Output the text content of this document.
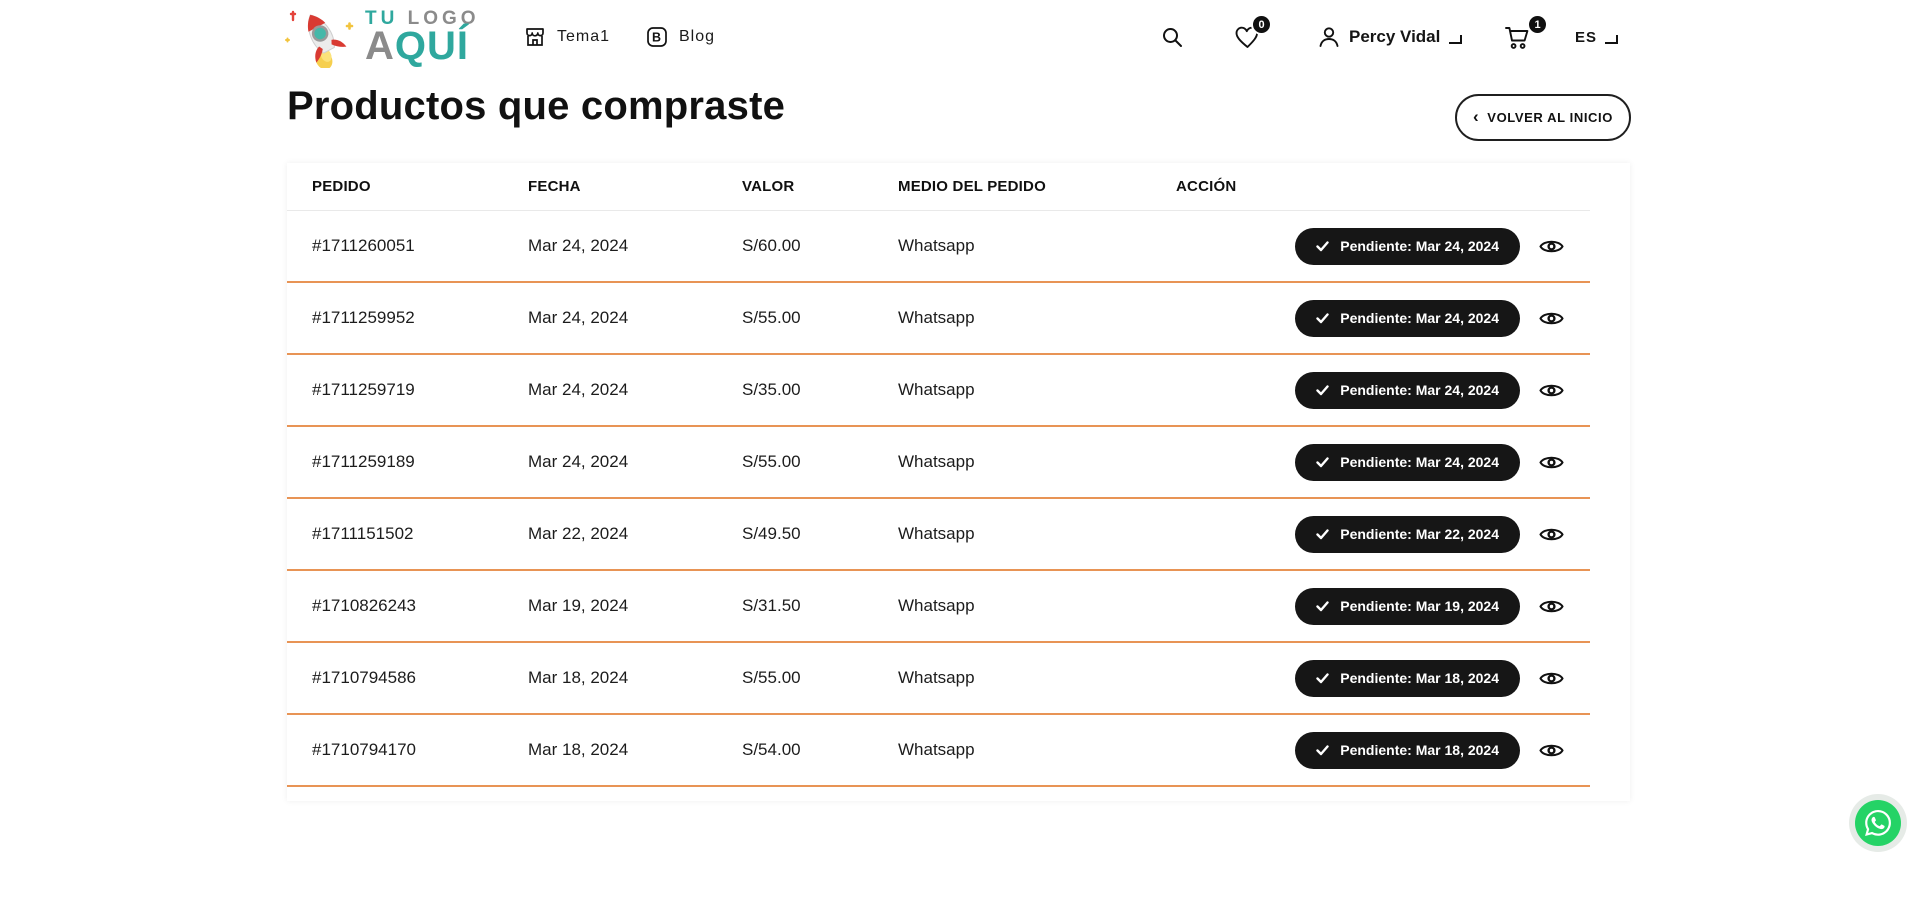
TU LOGO
AQUÍ	Tema1	B Blog
0
Percy Vidal
1
ES
Productos que compraste	‹ VOLVER AL INICIO
PEDIDO	FECHA	VALOR	MEDIO DEL PEDIDO	ACCIÓN
#1711260051	Mar 24, 2024	S/60.00	Whatsapp	Pendiente: Mar 24, 2024
#1711259952	Mar 24, 2024	S/55.00	Whatsapp	Pendiente: Mar 24, 2024
#1711259719	Mar 24, 2024	S/35.00	Whatsapp	Pendiente: Mar 24, 2024
#1711259189	Mar 24, 2024	S/55.00	Whatsapp	Pendiente: Mar 24, 2024
#1711151502	Mar 22, 2024	S/49.50	Whatsapp	Pendiente: Mar 22, 2024
#1710826243	Mar 19, 2024	S/31.50	Whatsapp	Pendiente: Mar 19, 2024
#1710794586	Mar 18, 2024	S/55.00	Whatsapp	Pendiente: Mar 18, 2024
#1710794170	Mar 18, 2024	S/54.00	Whatsapp	Pendiente: Mar 18, 2024
